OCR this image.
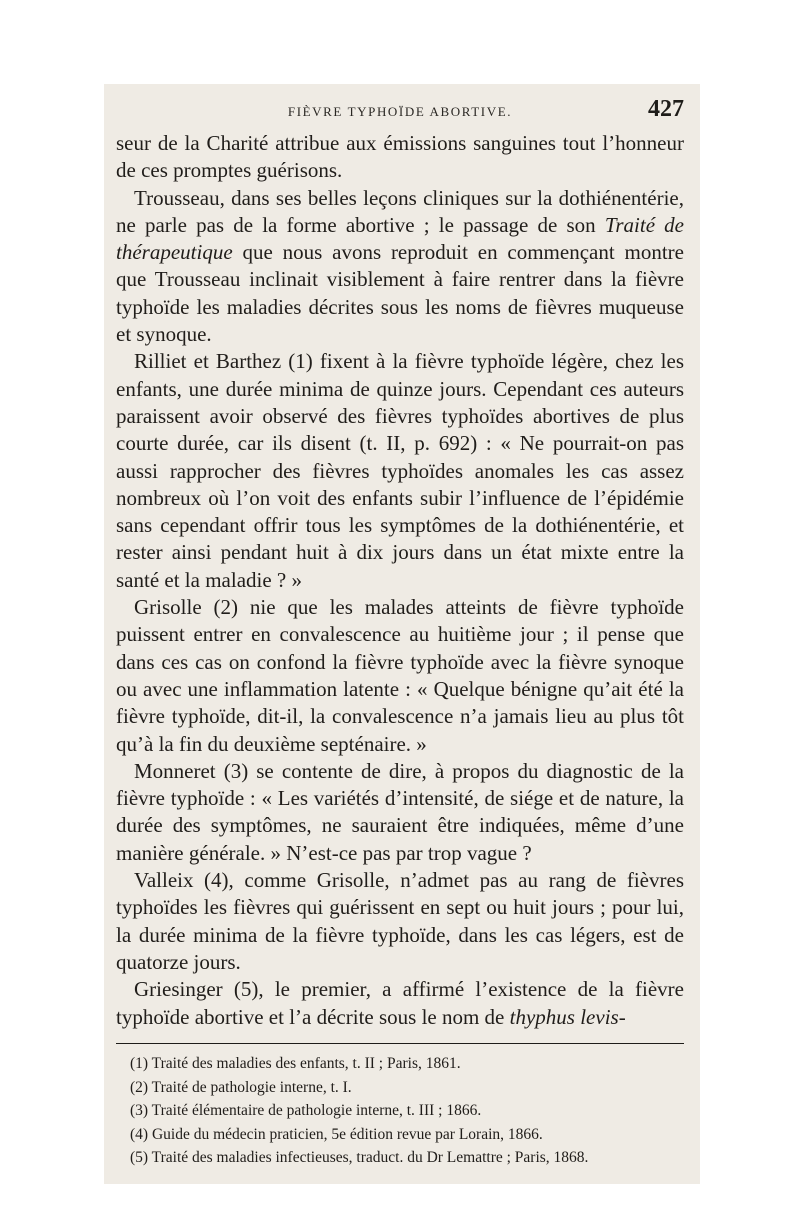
FIÈVRE TYPHOÏDE ABORTIVE.	427

seur de la Charité attribue aux émissions sanguines tout l’honneur de ces promptes guérisons.

Trousseau, dans ses belles leçons cliniques sur la dothiénentérie, ne parle pas de la forme abortive ; le passage de son Traité de thérapeutique que nous avons reproduit en commençant montre que Trousseau inclinait visiblement à faire rentrer dans la fièvre typhoïde les maladies décrites sous les noms de fièvres muqueuse et synoque.

Rilliet et Barthez (1) fixent à la fièvre typhoïde légère, chez les enfants, une durée minima de quinze jours. Cependant ces auteurs paraissent avoir observé des fièvres typhoïdes abortives de plus courte durée, car ils disent (t. II, p. 692) : « Ne pourrait-on pas aussi rapprocher des fièvres typhoïdes anomales les cas assez nombreux où l’on voit des enfants subir l’influence de l’épidémie sans cependant offrir tous les symptômes de la dothiénentérie, et rester ainsi pendant huit à dix jours dans un état mixte entre la santé et la maladie ? »

Grisolle (2) nie que les malades atteints de fièvre typhoïde puissent entrer en convalescence au huitième jour ; il pense que dans ces cas on confond la fièvre typhoïde avec la fièvre synoque ou avec une inflammation latente : « Quelque bénigne qu’ait été la fièvre typhoïde, dit-il, la convalescence n’a jamais lieu au plus tôt qu’à la fin du deuxième septénaire. »

Monneret (3) se contente de dire, à propos du diagnostic de la fièvre typhoïde : « Les variétés d’intensité, de siége et de nature, la durée des symptômes, ne sauraient être indiquées, même d’une manière générale. » N’est-ce pas par trop vague ?

Valleix (4), comme Grisolle, n’admet pas au rang de fièvres typhoïdes les fièvres qui guérissent en sept ou huit jours ; pour lui, la durée minima de la fièvre typhoïde, dans les cas légers, est de quatorze jours.

Griesinger (5), le premier, a affirmé l’existence de la fièvre typhoïde abortive et l’a décrite sous le nom de thyphus levis-

(1) Traité des maladies des enfants, t. II ; Paris, 1861.
(2) Traité de pathologie interne, t. I.
(3) Traité élémentaire de pathologie interne, t. III ; 1866.
(4) Guide du médecin praticien, 5e édition revue par Lorain, 1866.
(5) Traité des maladies infectieuses, traduct. du Dr Lemattre ; Paris, 1868.
